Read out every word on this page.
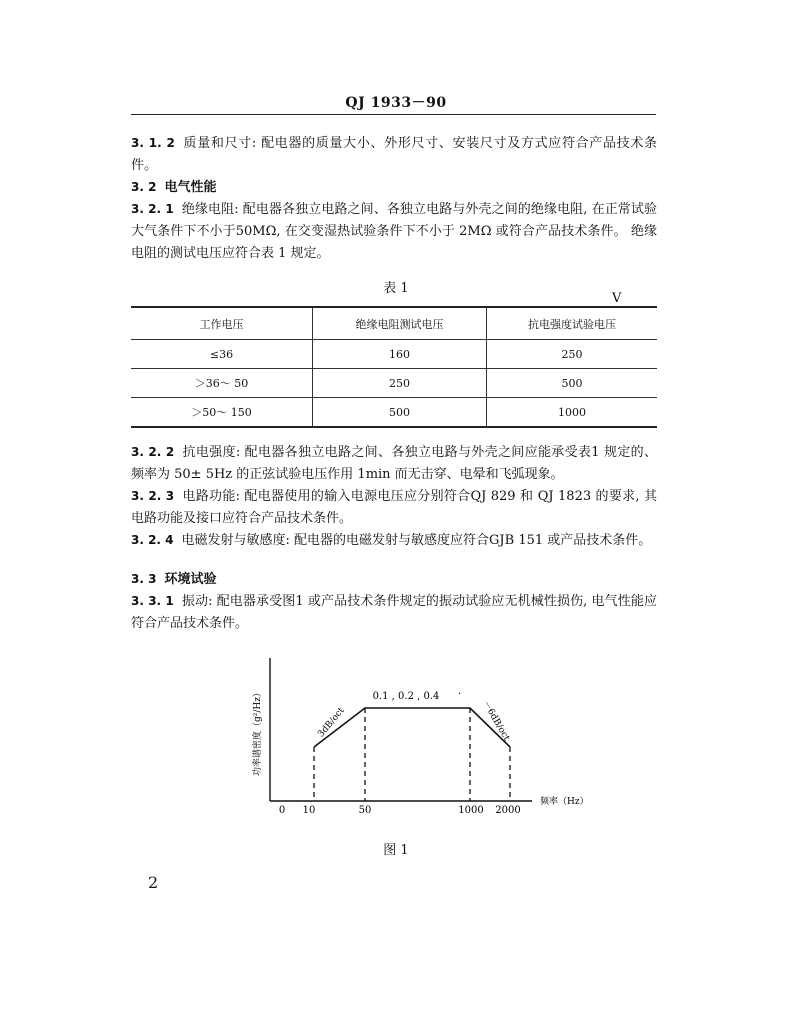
QJ 1933－90
3. 1. 2 质量和尺寸: 配电器的质量大小、外形尺寸、安装尺寸及方式应符合产品技术条件。
3. 2 电气性能
3. 2. 1 绝缘电阻: 配电器各独立电路之间、各独立电路与外壳之间的绝缘电阻, 在正常试验大气条件下不小于50MΩ, 在交变湿热试验条件下不小于 2MΩ 或符合产品技术条件。 绝缘电阻的测试电压应符合表 1 规定。
表 1
V
工作电压	绝缘电阻测试电压	抗电强度试验电压
≤36	160	250
＞36～ 50	250	500
＞50～ 150	500	1000
3. 2. 2 抗电强度: 配电器各独立电路之间、各独立电路与外壳之间应能承受表1 规定的、频率为 50± 5Hz 的正弦试验电压作用 1min 而无击穿、电晕和飞弧现象。
3. 2. 3 电路功能: 配电器使用的输入电源电压应分别符合QJ 829 和 QJ 1823 的要求, 其电路功能及接口应符合产品技术条件。
3. 2. 4 电磁发射与敏感度: 配电器的电磁发射与敏感度应符合GJB 151 或产品技术条件。
3. 3 环境试验
3. 3. 1 振动: 配电器承受图1 或产品技术条件规定的振动试验应无机械性损伤, 电气性能应符合产品技术条件。
功率谱密度（g²/Hz）	0.1 , 0.2 , 0.4 ·
3dB/oct	－6dB/oct
0 10	50	1000 2000
频率（Hz）
图 1
2
